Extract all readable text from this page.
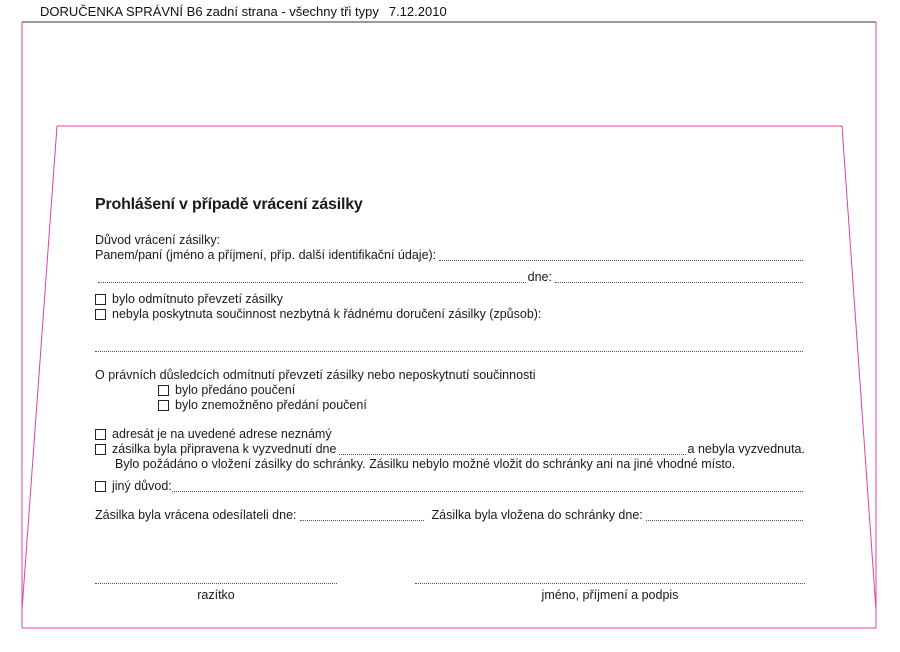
DORUČENKA SPRÁVNÍ B6 zadní strana - všechny tři typy 7.12.2010
Prohlášení v případě vrácení zásilky
Důvod vrácení zásilky:
Panem/paní (jméno a příjmení, příp. další identifikační údaje):
dne:
bylo odmítnuto převzetí zásilky
nebyla poskytnuta součinnost nezbytná k řádnému doručení zásilky (způsob):
O právních důsledcích odmítnutí převzetí zásilky nebo neposkytnutí součinnosti
bylo předáno poučení
bylo znemožněno předání poučení
adresát je na uvedené adrese neznámý
zásilka byla připravena k vyzvednutí dne	a nebyla vyzvednuta.
Bylo požádáno o vložení zásilky do schránky. Zásilku nebylo možné vložit do schránky ani na jiné vhodné místo.
jiný důvod:
Zásilka byla vrácena odesílateli dne:	Zásilka byla vložena do schránky dne:
razítko	jméno, příjmení a podpis
